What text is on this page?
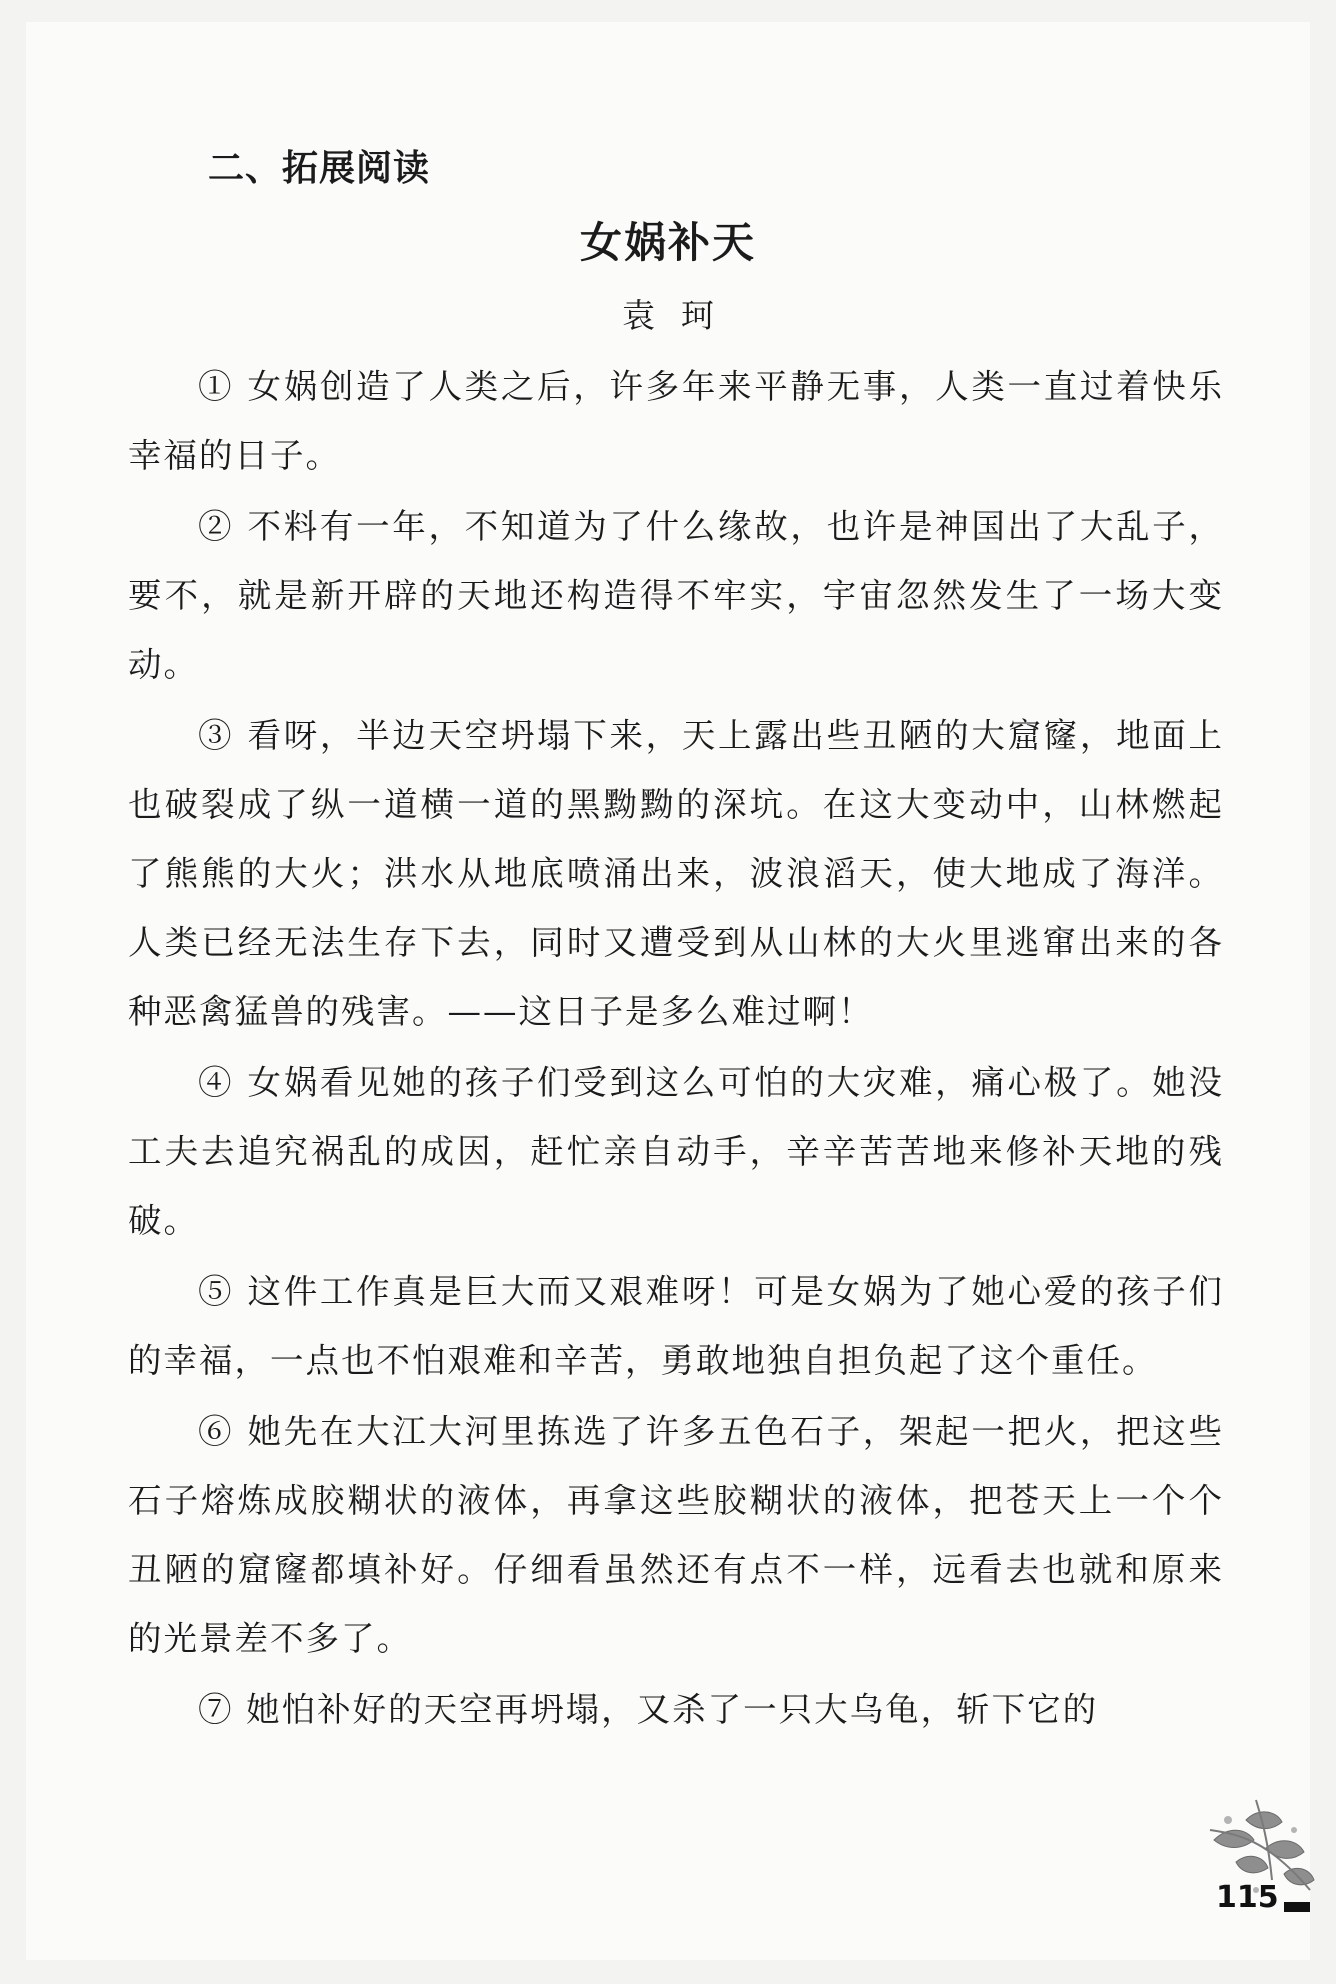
二、拓展阅读
女娲补天
袁珂

① 女娲创造了人类之后，许多年来平静无事，人类一直过着快乐幸福的日子。

② 不料有一年，不知道为了什么缘故，也许是神国出了大乱子，要不，就是新开辟的天地还构造得不牢实，宇宙忽然发生了一场大变动。

③ 看呀，半边天空坍塌下来，天上露出些丑陋的大窟窿，地面上也破裂成了纵一道横一道的黑黝黝的深坑。在这大变动中，山林燃起了熊熊的大火；洪水从地底喷涌出来，波浪滔天，使大地成了海洋。人类已经无法生存下去，同时又遭受到从山林的大火里逃窜出来的各种恶禽猛兽的残害。——这日子是多么难过啊！

④ 女娲看见她的孩子们受到这么可怕的大灾难，痛心极了。她没工夫去追究祸乱的成因，赶忙亲自动手，辛辛苦苦地来修补天地的残破。

⑤ 这件工作真是巨大而又艰难呀！可是女娲为了她心爱的孩子们的幸福，一点也不怕艰难和辛苦，勇敢地独自担负起了这个重任。

⑥ 她先在大江大河里拣选了许多五色石子，架起一把火，把这些石子熔炼成胶糊状的液体，再拿这些胶糊状的液体，把苍天上一个个丑陋的窟窿都填补好。仔细看虽然还有点不一样，远看去也就和原来的光景差不多了。

⑦ 她怕补好的天空再坍塌，又杀了一只大乌龟，斩下它的

115
